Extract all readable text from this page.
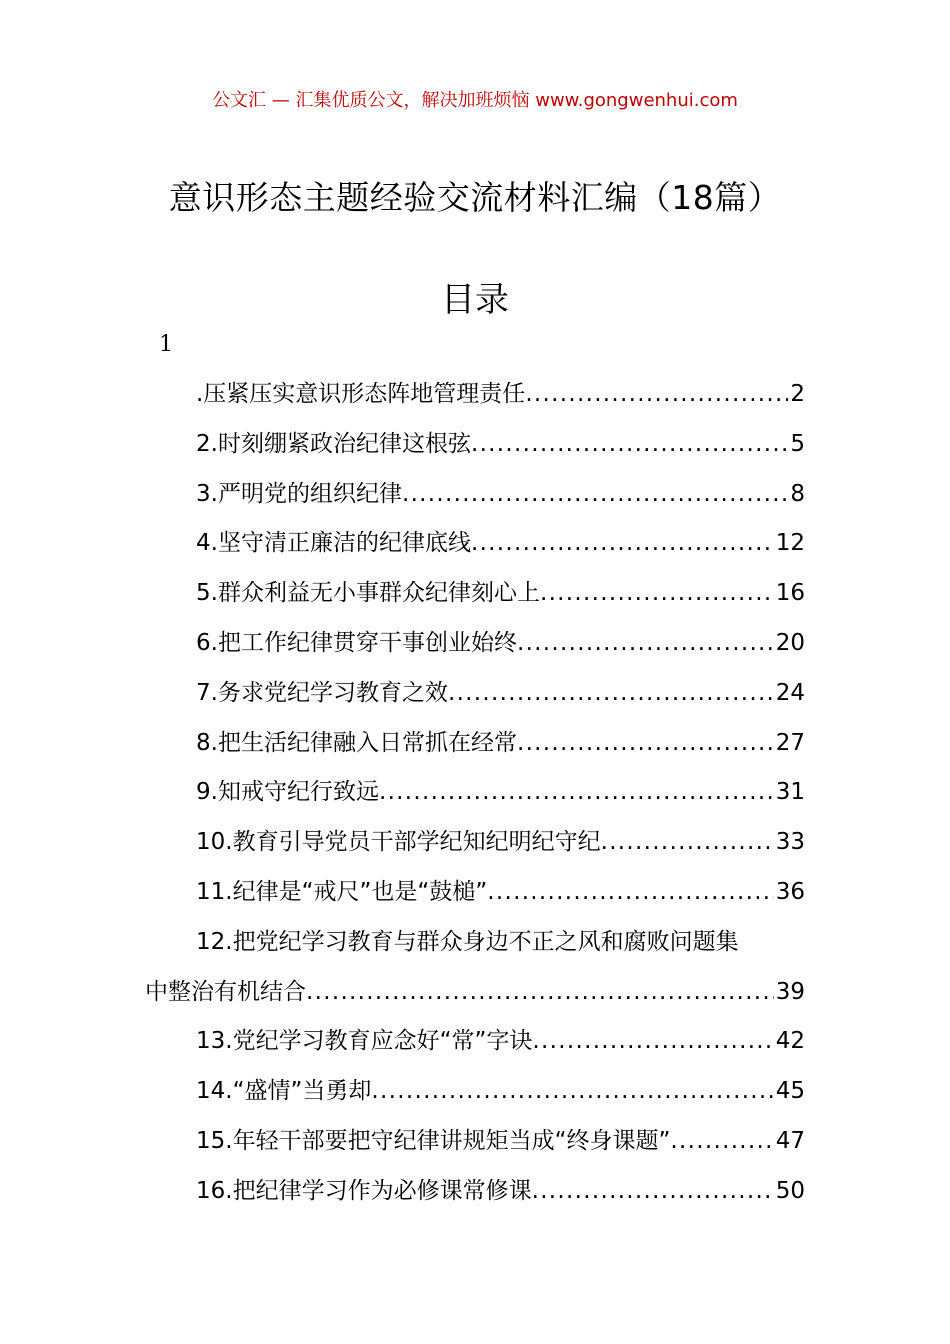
公文汇 — 汇集优质公文，解决加班烦恼 www.gongwenhui.com
意识形态主题经验交流材料汇编（18篇）
目录
1
.压紧压实意识形态阵地管理责任 .....	2
2.时刻绷紧政治纪律这根弦 .....	5
3.严明党的组织纪律 .....	8
4.坚守清正廉洁的纪律底线 .....	12
5.群众利益无小事群众纪律刻心上 .....	16
6.把工作纪律贯穿干事创业始终 .....	20
7.务求党纪学习教育之效 .....	24
8.把生活纪律融入日常抓在经常 .....	27
9.知戒守纪行致远 .....	31
10.教育引导党员干部学纪知纪明纪守纪 .....	33
11.纪律是“戒尺”也是“鼓槌” .....	36
12.把党纪学习教育与群众身边不正之风和腐败问题集
中整治有机结合 .....	39
13.党纪学习教育应念好“常”字诀 .....	42
14.“盛情”当勇却 .....	45
15.年轻干部要把守纪律讲规矩当成“终身课题” .....	47
16.把纪律学习作为必修课常修课 .....	50
